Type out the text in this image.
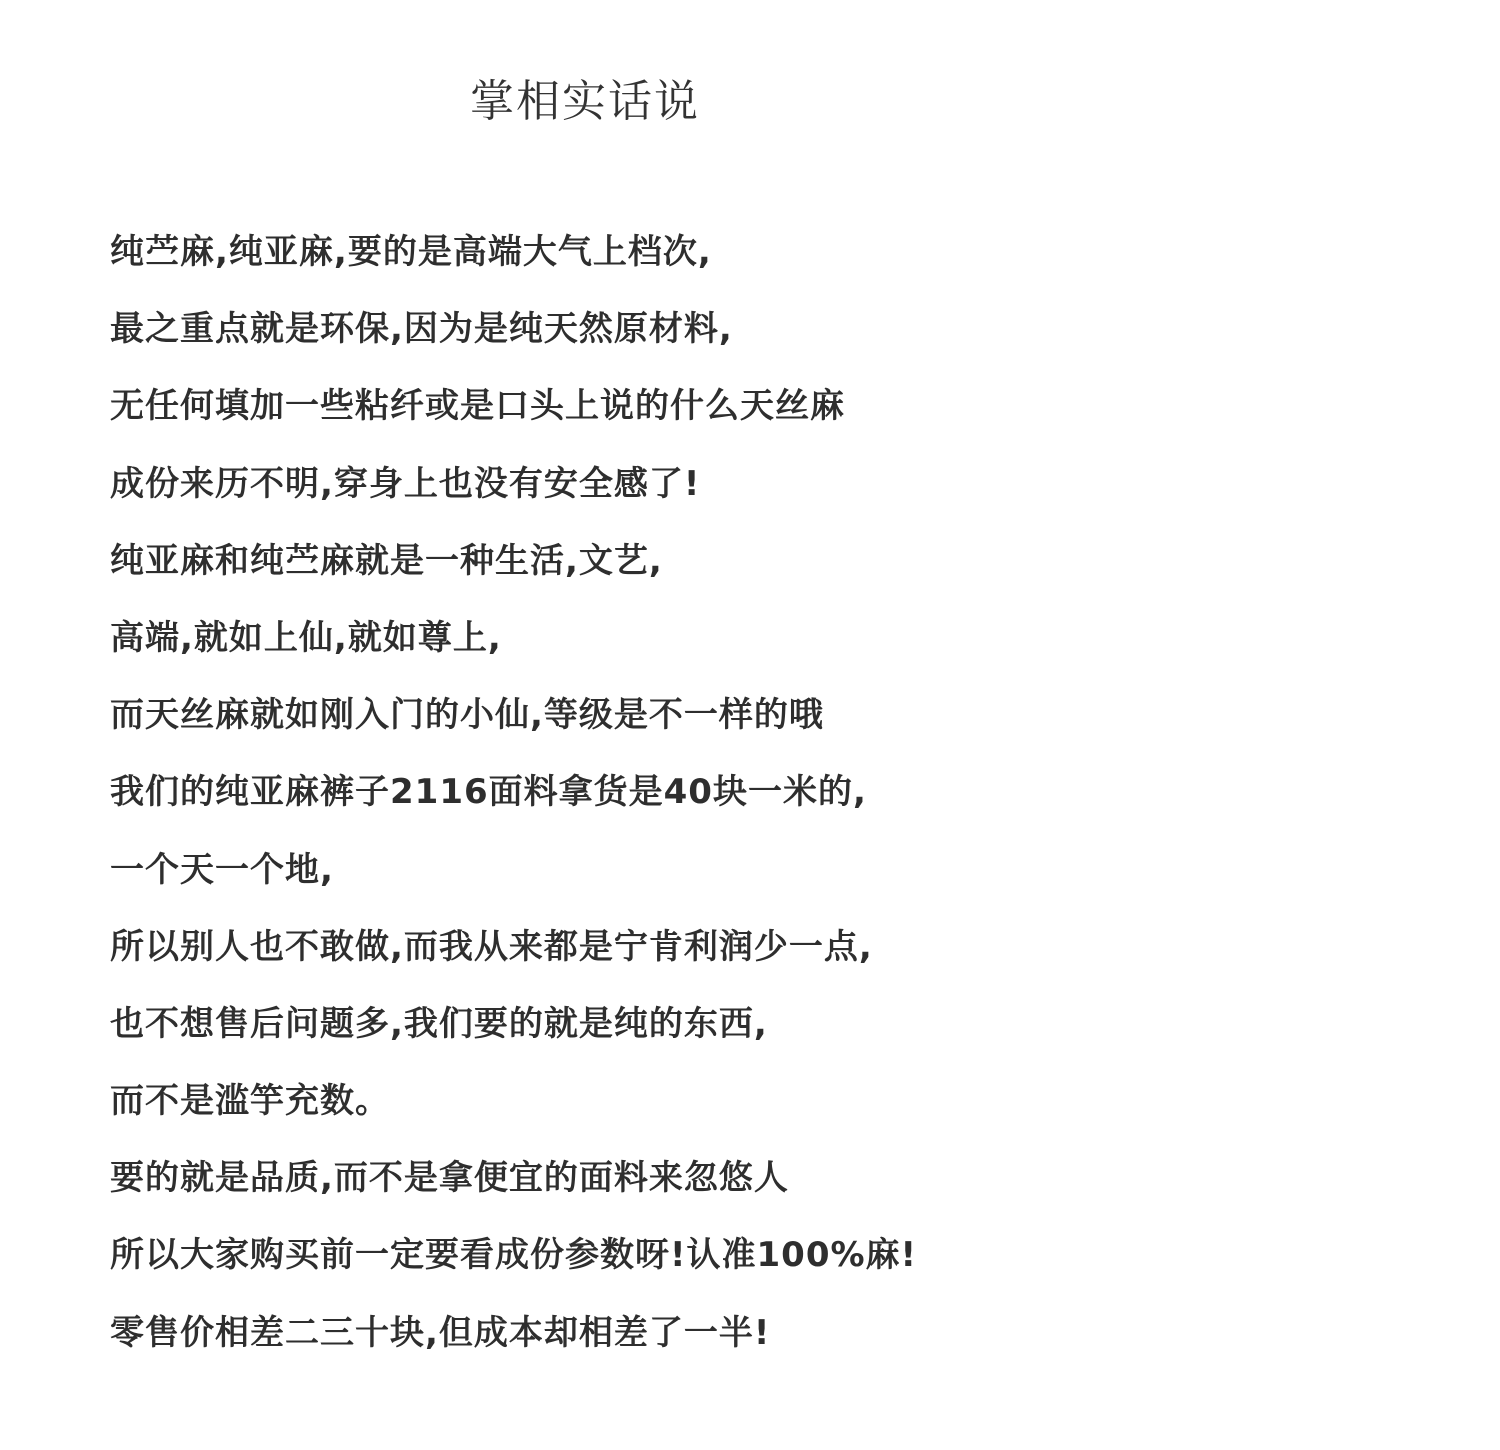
掌相实话说
纯苎麻,纯亚麻,要的是高端大气上档次,
最之重点就是环保,因为是纯天然原材料,
无任何填加一些粘纤或是口头上说的什么天丝麻
成份来历不明,穿身上也没有安全感了!
纯亚麻和纯苎麻就是一种生活,文艺,
高端,就如上仙,就如尊上,
而天丝麻就如刚入门的小仙,等级是不一样的哦
我们的纯亚麻裤子2116面料拿货是40块一米的,
一个天一个地,
所以别人也不敢做,而我从来都是宁肯利润少一点,
也不想售后问题多,我们要的就是纯的东西,
而不是滥竽充数。
要的就是品质,而不是拿便宜的面料来忽悠人
所以大家购买前一定要看成份参数呀!认准100%麻!
零售价相差二三十块,但成本却相差了一半!
